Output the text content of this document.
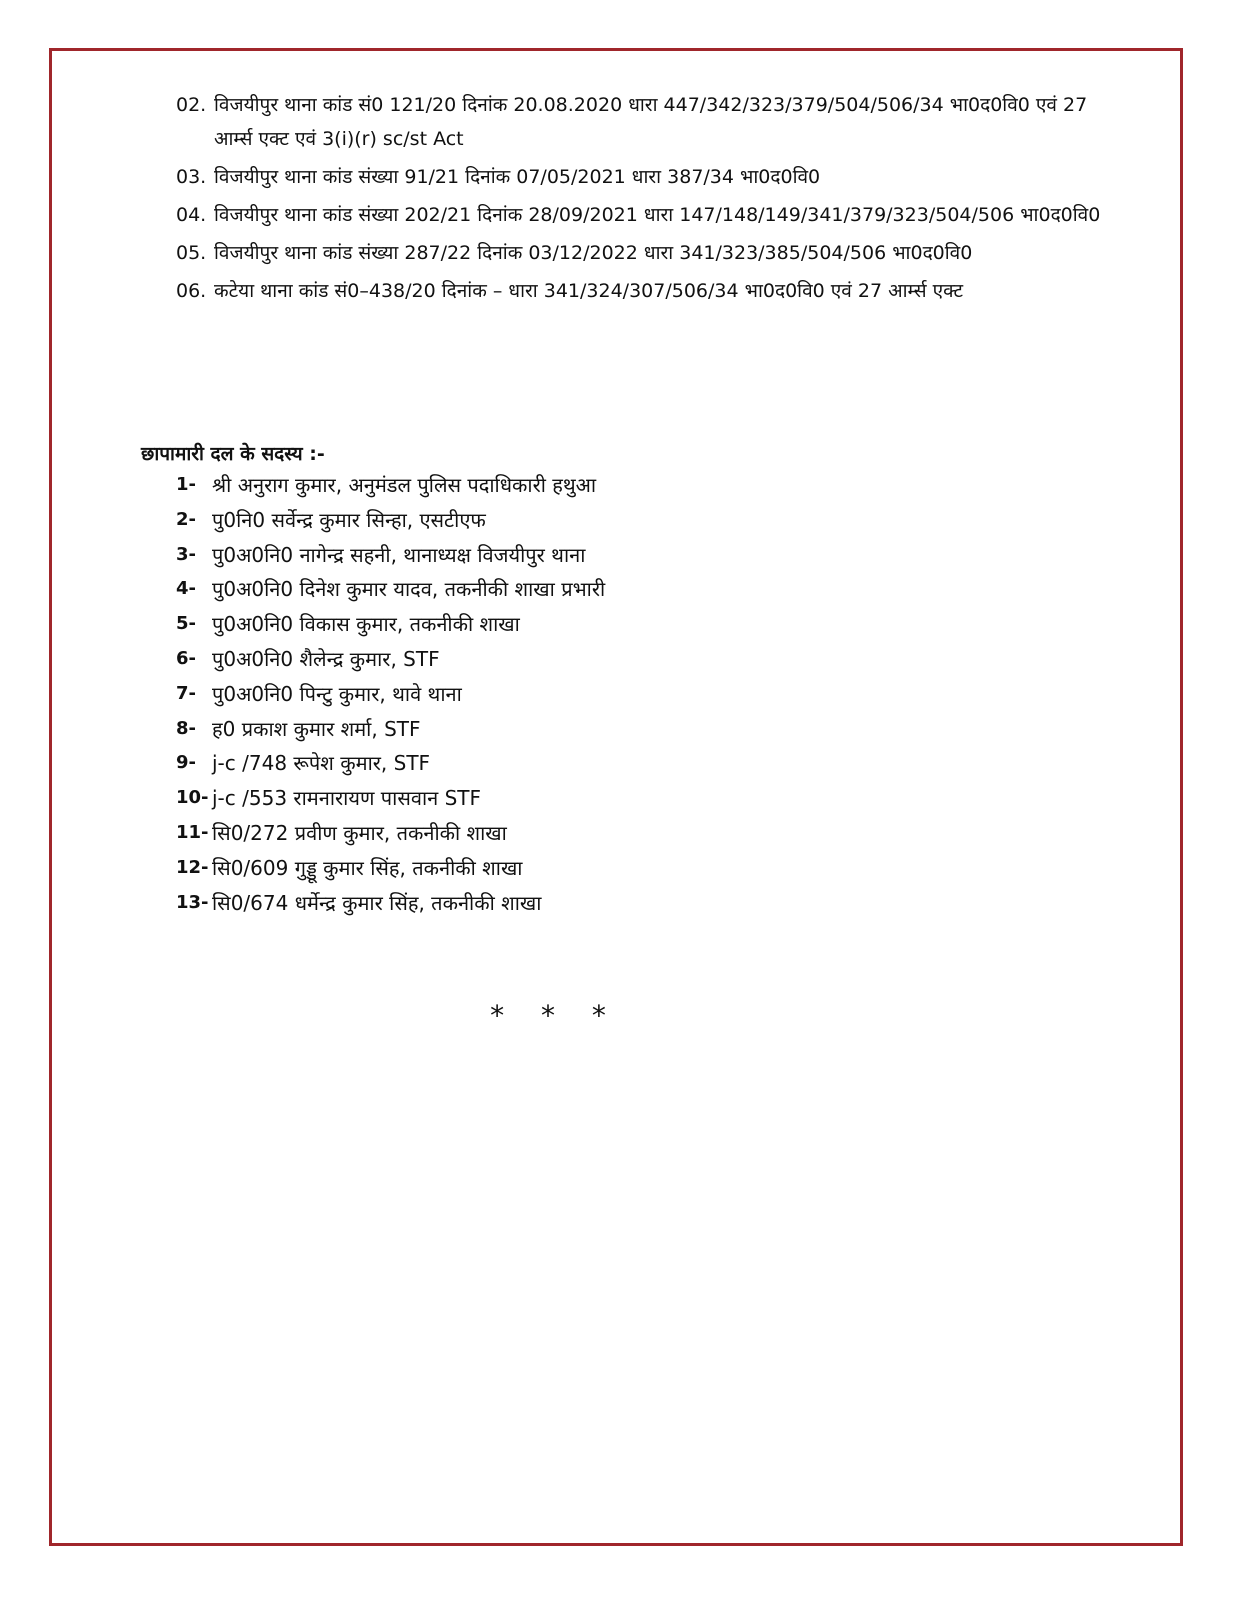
02. विजयीपुर थाना कांड सं0 121/20 दिनांक 20.08.2020 धारा 447/342/323/379/504/506/34 भा0द0वि0 एवं 27 आर्म्स एक्ट एवं 3(i)(r) sc/st Act
03. विजयीपुर थाना कांड संख्या 91/21 दिनांक 07/05/2021 धारा 387/34 भा0द0वि0
04. विजयीपुर थाना कांड संख्या 202/21 दिनांक 28/09/2021 धारा 147/148/149/341/379/323/504/506 भा0द0वि0
05. विजयीपुर थाना कांड संख्या 287/22 दिनांक 03/12/2022 धारा 341/323/385/504/506 भा0द0वि0
06. कटेया थाना कांड सं0–438/20 दिनांक – धारा 341/324/307/506/34 भा0द0वि0 एवं 27 आर्म्स एक्ट
छापामारी दल के सदस्य :-
1- श्री अनुराग कुमार, अनुमंडल पुलिस पदाधिकारी हथुआ
2- पु0नि0 सर्वेन्द्र कुमार सिन्हा, एसटीएफ
3- पु0अ0नि0 नागेन्द्र सहनी, थानाध्यक्ष विजयीपुर थाना
4- पु0अ0नि0 दिनेश कुमार यादव, तकनीकी शाखा प्रभारी
5- पु0अ0नि0 विकास कुमार, तकनीकी शाखा
6- पु0अ0नि0 शैलेन्द्र कुमार, STF
7- पु0अ0नि0 पिन्टु कुमार, थावे थाना
8- ह0 प्रकाश कुमार शर्मा, STF
9- j-c /748 रूपेश कुमार, STF
10- j-c /553 रामनारायण पासवान STF
11- सि0/272 प्रवीण कुमार, तकनीकी शाखा
12- सि0/609 गुड्डू कुमार सिंह, तकनीकी शाखा
13- सि0/674 धर्मेन्द्र कुमार सिंह, तकनीकी शाखा
* * *
